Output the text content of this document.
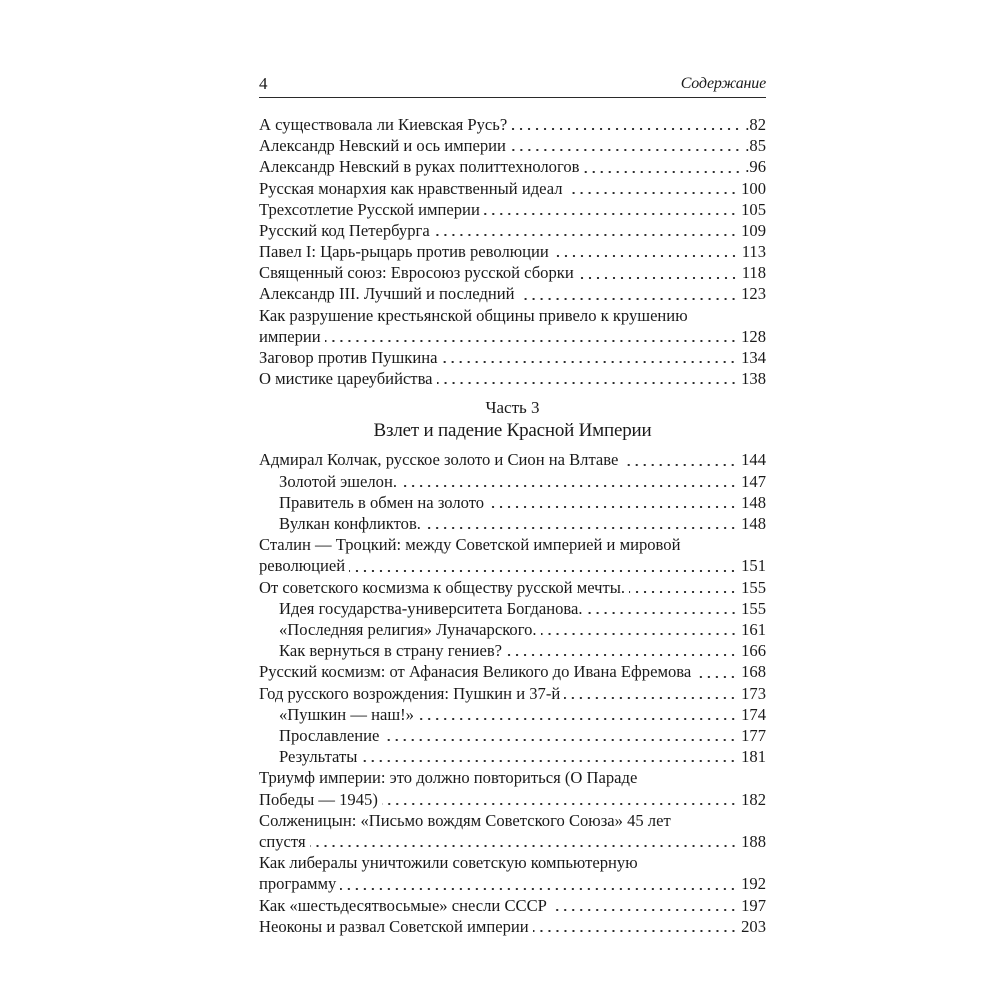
4	Содержание
А существовала ли Киевская Русь?	.82
Александр Невский и ось империи	.85
Александр Невский в руках политтехнологов	.96
Русская монархия как нравственный идеал	100
Трехсотлетие Русской империи	105
Русский код Петербурга	109
Павел I: Царь-рыцарь против революции	113
Священный союз: Евросоюз русской сборки	118
Александр III. Лучший и последний	123
Как разрушение крестьянской общины привело к крушению
империи	128
Заговор против Пушкина	134
О мистике цареубийства	138
Часть 3
Взлет и падение Красной Империи
Адмирал Колчак, русское золото и Сион на Влтаве	144
Золотой эшелон.	147
Правитель в обмен на золото	148
Вулкан конфликтов.	148
Сталин — Троцкий: между Советской империей и мировой
революцией	151
От советского космизма к обществу русской мечты.	155
Идея государства-университета Богданова.	155
«Последняя религия» Луначарского.	161
Как вернуться в страну гениев?	166
Русский космизм: от Афанасия Великого до Ивана Ефремова	168
Год русского возрождения: Пушкин и 37-й	173
«Пушкин — наш!»	174
Прославление	177
Результаты	181
Триумф империи: это должно повториться (О Параде
Победы — 1945)	182
Солженицын: «Письмо вождям Советского Союза» 45 лет
спустя	188
Как либералы уничтожили советскую компьютерную
программу	192
Как «шестьдесятвосьмые» снесли СССР	197
Неоконы и развал Советской империи	203
